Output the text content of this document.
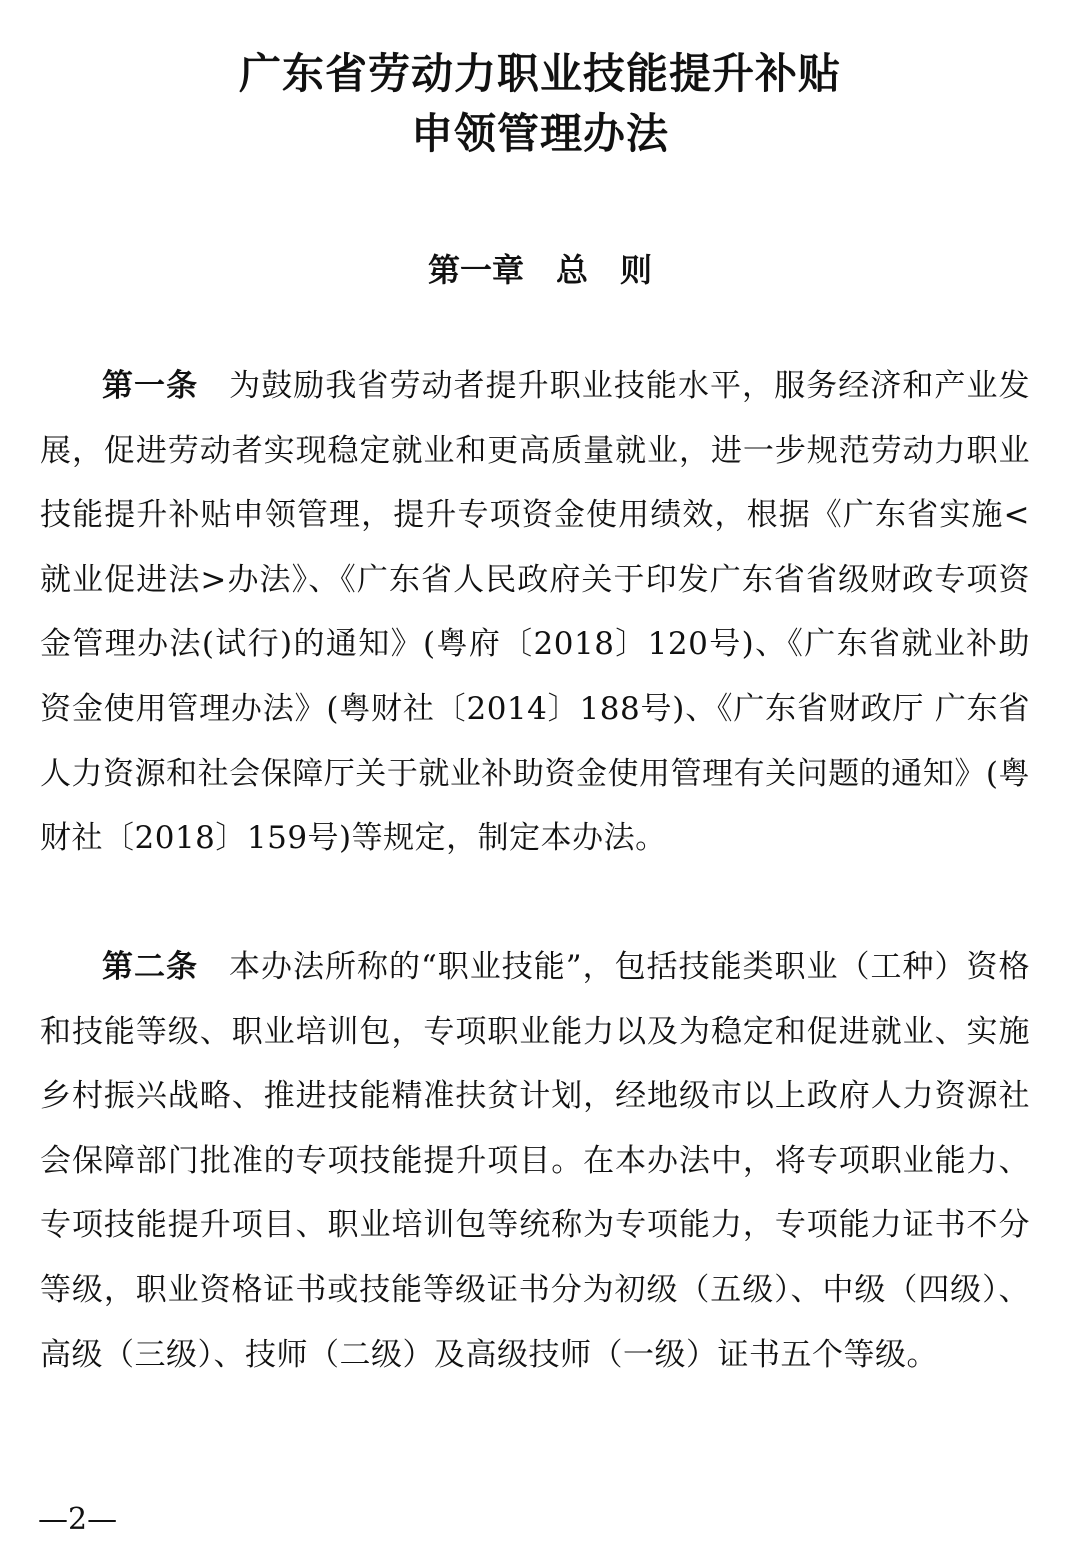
广东省劳动力职业技能提升补贴
申领管理办法
第一章　总　则

第一条 为鼓励我省劳动者提升职业技能水平，服务经济和产业发展，促进劳动者实现稳定就业和更高质量就业，进一步规范劳动力职业技能提升补贴申领管理，提升专项资金使用绩效，根据《广东省实施<就业促进法>办法》、《广东省人民政府关于印发广东省省级财政专项资金管理办法(试行)的通知》(粤府〔2018〕120号)、《广东省就业补助资金使用管理办法》(粤财社〔2014〕188号)、《广东省财政厅 广东省人力资源和社会保障厅关于就业补助资金使用管理有关问题的通知》(粤财社〔2018〕159号)等规定，制定本办法。

第二条 本办法所称的“职业技能”，包括技能类职业（工种）资格和技能等级、职业培训包，专项职业能力以及为稳定和促进就业、实施乡村振兴战略、推进技能精准扶贫计划，经地级市以上政府人力资源社会保障部门批准的专项技能提升项目。在本办法中，将专项职业能力、专项技能提升项目、职业培训包等统称为专项能力，专项能力证书不分等级，职业资格证书或技能等级证书分为初级（五级）、中级（四级）、高级（三级）、技师（二级）及高级技师（一级）证书五个等级。

—2—
